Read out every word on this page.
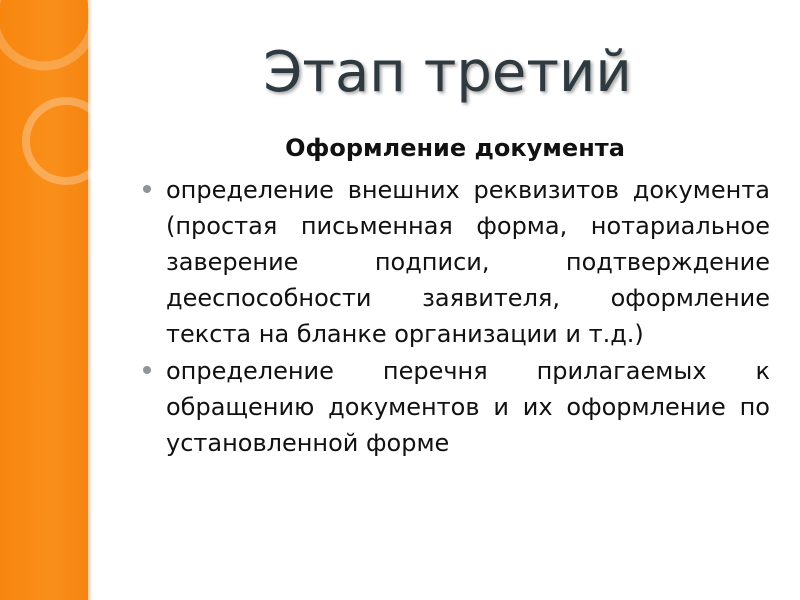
Этап третий
Оформление документа
определение внешних реквизитов документа (простая письменная форма, нотариальное заверение подписи, подтверждение дееспособности заявителя, оформление текста на бланке организации и т.д.)
определение перечня прилагаемых к обращению документов и их оформление по установленной форме
